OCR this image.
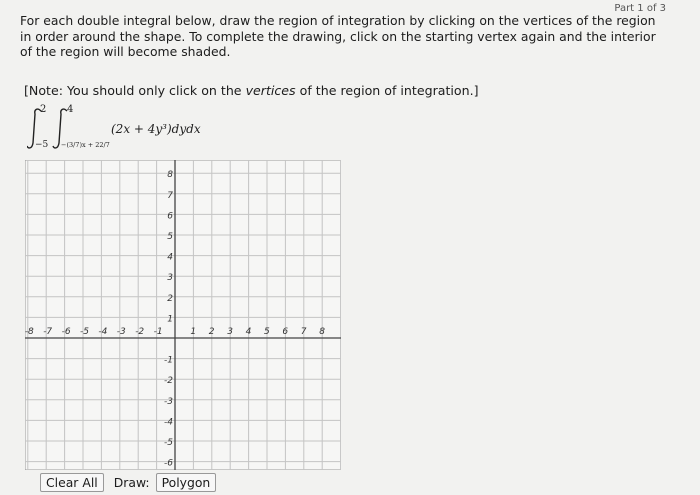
Part 1 of 3
For each double integral below, draw the region of integration by clicking on the vertices of the region in order around the shape. To complete the drawing, click on the starting vertex again and the interior of the region will become shaded.
[Note: You should only click on the vertices of the region of integration.]
2
−5
4
−(3/7)x + 22/7
(2x + 4y³)dydx
-8 -7 -6 -5 -4 -3 -2 -1	1 2 3 4 5 6 7 8
8
7
6
5
4
3
2
1
-1
-2
-3
-4
-5
-6
Clear All	Draw: Polygon
